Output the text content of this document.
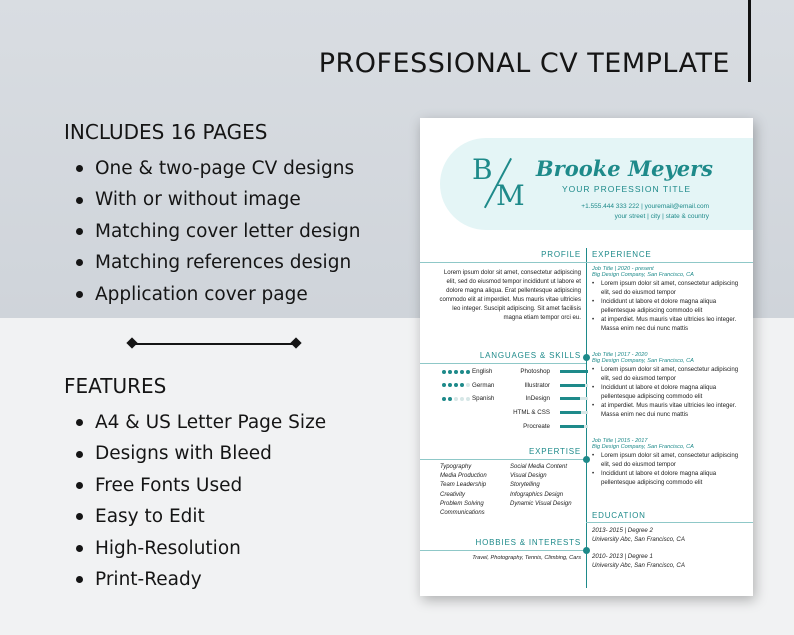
PROFESSIONAL CV TEMPLATE
INCLUDES 16 PAGES
One & two-page CV designs
With or without image
Matching cover letter design
Matching references design
Application cover page
FEATURES
A4 & US Letter Page Size
Designs with Bleed
Free Fonts Used
Easy to Edit
High-Resolution
Print-Ready
B
M
Brooke Meyers
YOUR PROFESSION TITLE
+1.555.444 333 222 | youremail@email.com
your street | city | state & country
PROFILE
Lorem ipsum dolor sit amet, consectetur adipiscing elit, sed do eiusmod tempor incididunt ut labore et dolore magna aliqua. Erat pellentesque adipiscing commodo elit at imperdiet. Mus mauris vitae ultricies leo integer. Suscipit adipiscing. Sit amet facilisis magna etiam tempor orci eu.
LANGUAGES & SKILLS
English
German
Spanish
Photoshop
Illustrator
InDesign
HTML & CSS
Procreate
EXPERTISE
Typography
Media Production
Team Leadership
Creativity
Problem Solving
Communications
Social Media Content
Visual Design
Storytelling
Infographics Design
Dynamic Visual Design
HOBBIES & INTERESTS
Travel, Photography, Tennis, Climbing, Cars
EXPERIENCE
Job Title | 2020 - present
Big Design Company, San Francisco, CA
• Lorem ipsum dolor sit amet, consectetur adipiscing elit, sed do eiusmod tempor
• Incididunt ut labore et dolore magna aliqua pellentesque adipiscing commodo elit
• at imperdiet. Mus mauris vitae ultricies leo integer. Massa enim nec dui nunc mattis
Job Title | 2017 - 2020
Big Design Company, San Francisco, CA
• Lorem ipsum dolor sit amet, consectetur adipiscing elit, sed do eiusmod tempor
• Incididunt ut labore et dolore magna aliqua pellentesque adipiscing commodo elit
• at imperdiet. Mus mauris vitae ultricies leo integer. Massa enim nec dui nunc mattis
Job Title | 2015 - 2017
Big Design Company, San Francisco, CA
• Lorem ipsum dolor sit amet, consectetur adipiscing elit, sed do eiusmod tempor
• Incididunt ut labore et dolore magna aliqua pellentesque adipiscing commodo elit
EDUCATION
2013- 2015 | Degree 2
University Abc, San Francisco, CA
2010- 2013 | Degree 1
University Abc, San Francisco, CA
